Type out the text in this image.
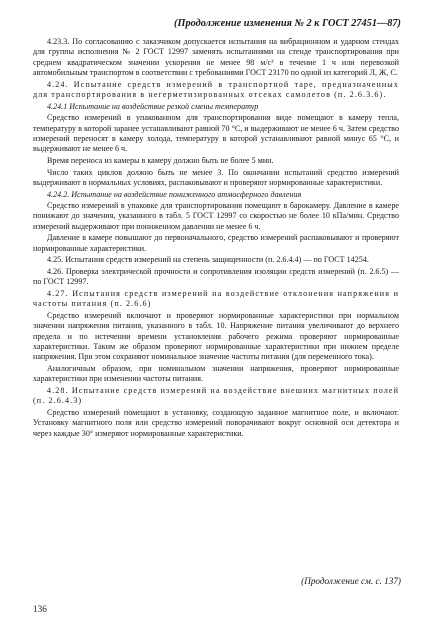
(Продолжение изменения № 2 к ГОСТ 27451—87)

4.23.3. По согласованию с заказчиком допускается испытания на вибрационном и ударном стендах для группы исполнения № 2 ГОСТ 12997 заменять испытаниями на стенде транспортирования при среднем квадратическом значении ускорения не менее 98 м/с² в течение 1 ч или перевозкой автомобильным транспортом в соответствии с требованиями ГОСТ 23170 по одной из категорий Л, Ж, С.

4.24. Испытание средств измерений в транспортной таре, предназначенных для транспортирования в негерметизированных отсеках самолетов (п. 2.6.3.6).

4.24.1 Испытание на воздействие резкой смены температур

Средство измерений в упакованном для транспортирования виде помещают в камеру тепла, температуру в которой заранее устанавливают равной 70 °С, и выдерживают не менее 6 ч. Затем средство измерений переносят в камеру холода, температуру в которой устанавливают равной минус 65 °С, и выдерживают не менее 6 ч.

Время переноса из камеры в камеру должно быть не более 5 мин.

Число таких циклов должно быть не менее 3. По окончании испытаний средство измерений выдерживают в нормальных условиях, распаковывают и проверяют нормированные характеристики.

4.24.2. Испытание на воздействие пониженного атмосферного давления

Средство измерений в упаковке для транспортирования помещают в барокамеру. Давление в камере понижают до значения, указанного в табл. 5 ГОСТ 12997 со скоростью не более 10 кПа/мин. Средство измерений выдерживают при пониженном давлении не менее 6 ч.

Давление в камере повышают до первоначального, средство измерений распаковывают и проверяют нормированные характеристики.

4.25. Испытания средств измерений на степень защищенности (п. 2.6.4.4) — по ГОСТ 14254.

4.26. Проверка электрической прочности и сопротивления изоляции средств измерений (п. 2.6.5) — по ГОСТ 12997.

4.27. Испытания средств измерений на воздействие отклонения напряжения и частоты питания (п. 2.6.6)

Средство измерений включают и проверяют нормированные характеристики при нормальном значении напряжения питания, указанного в табл. 10. Напряжение питания увеличивают до верхнего предела и по истечении времени установления рабочего режима проверяют нормированные характеристики. Таким же образом проверяют нормированные характеристики при нижнем пределе напряжения. При этом сохраняют номинальное значение частоты питания (для переменного тока).

Аналогичным образом, при номинальном значении напряжения, проверяют нормированные характеристики при изменении частоты питания.

4.28. Испытание средств измерений на воздействие внешних магнитных полей (п. 2.6.4.3)

Средство измерений помещают в установку, создающую заданное магнитное поле, и включают. Установку магнитного поля или средство измерений поворачивают вокруг основной оси детектора и через каждые 30° измеряют нормированные характеристики.

(Продолжение см. с. 137)
136
